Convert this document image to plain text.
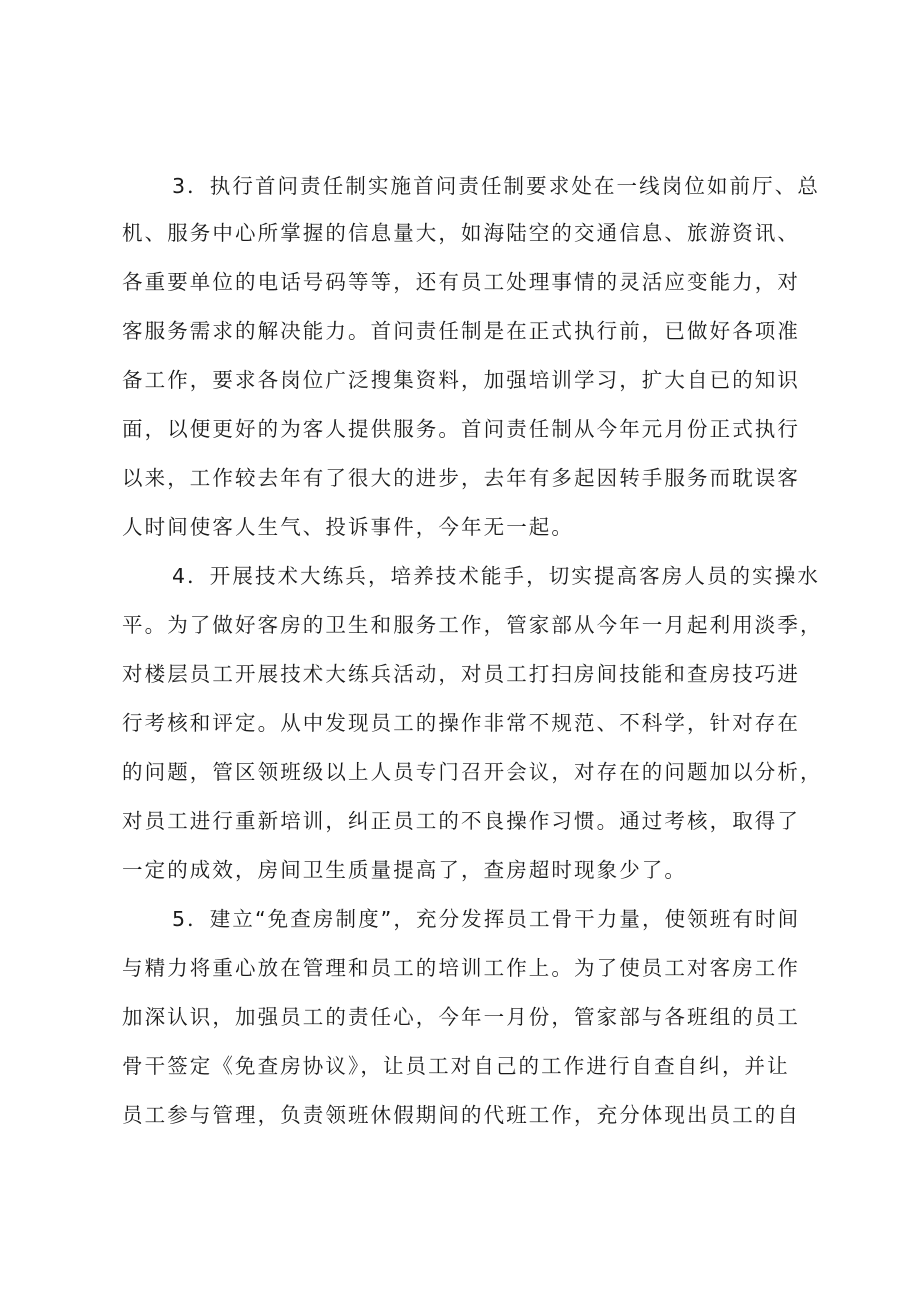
3．执行首问责任制实施首问责任制要求处在一线岗位如前厅、总

机、服务中心所掌握的信息量大，如海陆空的交通信息、旅游资讯、

各重要单位的电话号码等等，还有员工处理事情的灵活应变能力，对

客服务需求的解决能力。首问责任制是在正式执行前，已做好各项准

备工作，要求各岗位广泛搜集资料，加强培训学习，扩大自已的知识

面，以便更好的为客人提供服务。首问责任制从今年元月份正式执行

以来，工作较去年有了很大的进步，去年有多起因转手服务而耽误客

人时间使客人生气、投诉事件，今年无一起。

4．开展技术大练兵，培养技术能手，切实提高客房人员的实操水

平。为了做好客房的卫生和服务工作，管家部从今年一月起利用淡季，

对楼层员工开展技术大练兵活动，对员工打扫房间技能和查房技巧进

行考核和评定。从中发现员工的操作非常不规范、不科学，针对存在

的问题，管区领班级以上人员专门召开会议，对存在的问题加以分析，

对员工进行重新培训，纠正员工的不良操作习惯。通过考核，取得了

一定的成效，房间卫生质量提高了，查房超时现象少了。

5．建立“免查房制度”，充分发挥员工骨干力量，使领班有时间

与精力将重心放在管理和员工的培训工作上。为了使员工对客房工作

加深认识，加强员工的责任心，今年一月份，管家部与各班组的员工

骨干签定《免查房协议》，让员工对自己的工作进行自查自纠，并让

员工参与管理，负责领班休假期间的代班工作，充分体现出员工的自
